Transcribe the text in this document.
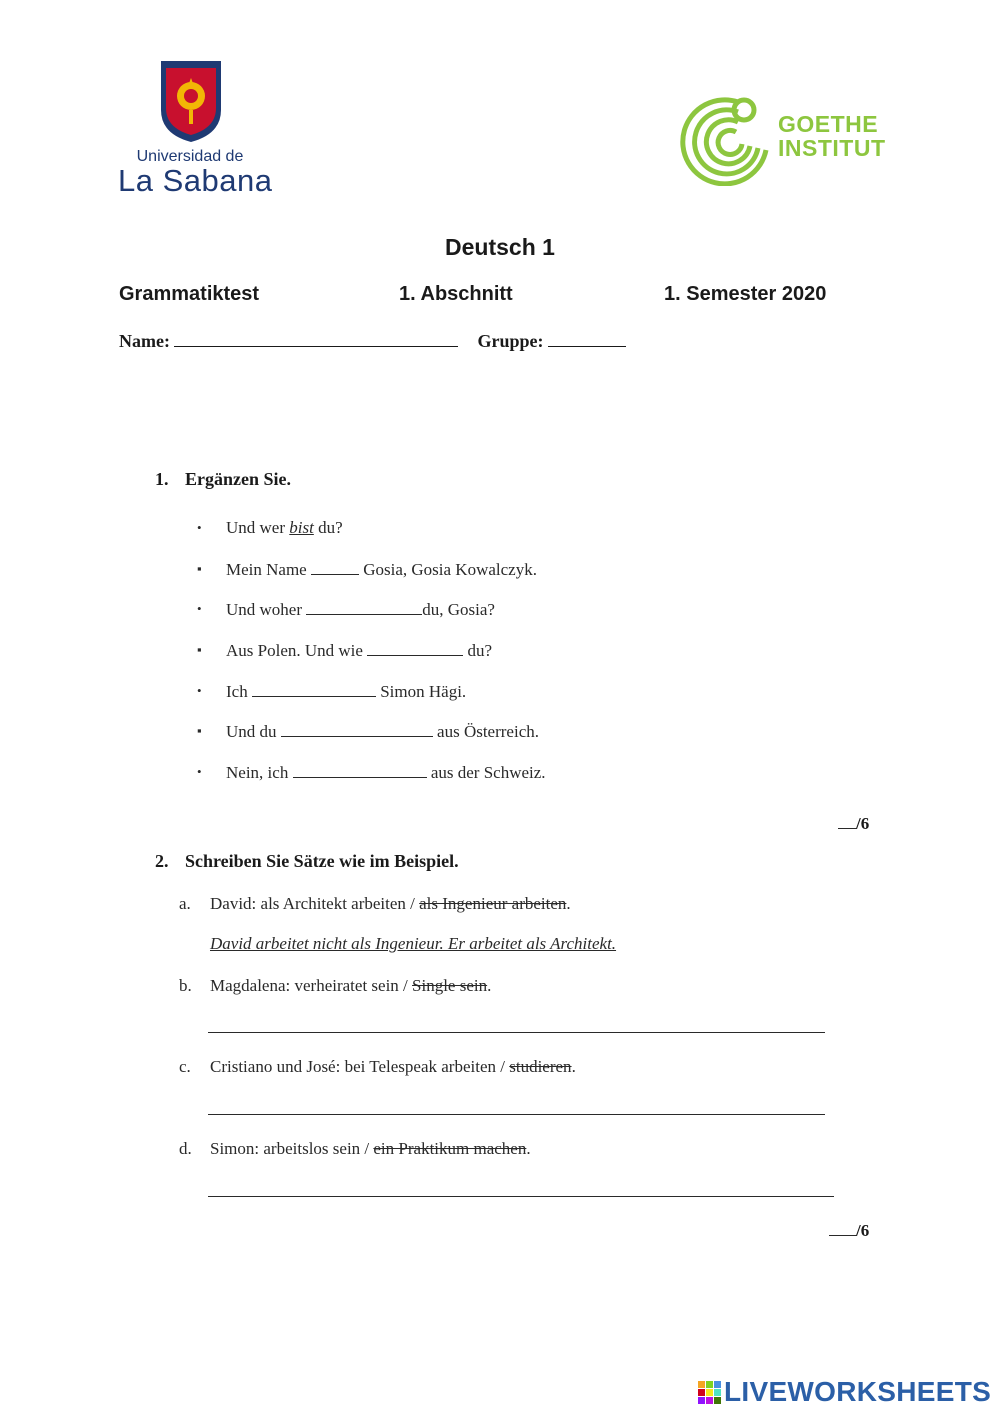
Universidad de
La Sabana
GOETHE
INSTITUT
Deutsch 1
Grammatiktest	1. Abschnitt	1. Semester 2020
Name:	Gruppe:
1. Ergänzen Sie.
• Und wer bist du?
▪ Mein Name	Gosia, Gosia Kowalczyk.
• Und woher	du, Gosia?
▪ Aus Polen. Und wie	du?
• Ich	Simon Hägi.
▪ Und du	aus Österreich.
• Nein, ich	aus der Schweiz.
/6
2. Schreiben Sie Sätze wie im Beispiel.
a. David: als Architekt arbeiten / als Ingenieur arbeiten.
David arbeitet nicht als Ingenieur. Er arbeitet als Architekt.
b. Magdalena: verheiratet sein / Single sein.
c. Cristiano und José: bei Telespeak arbeiten / studieren.
d. Simon: arbeitslos sein / ein Praktikum machen.
/6
LIVEWORKSHEETS
